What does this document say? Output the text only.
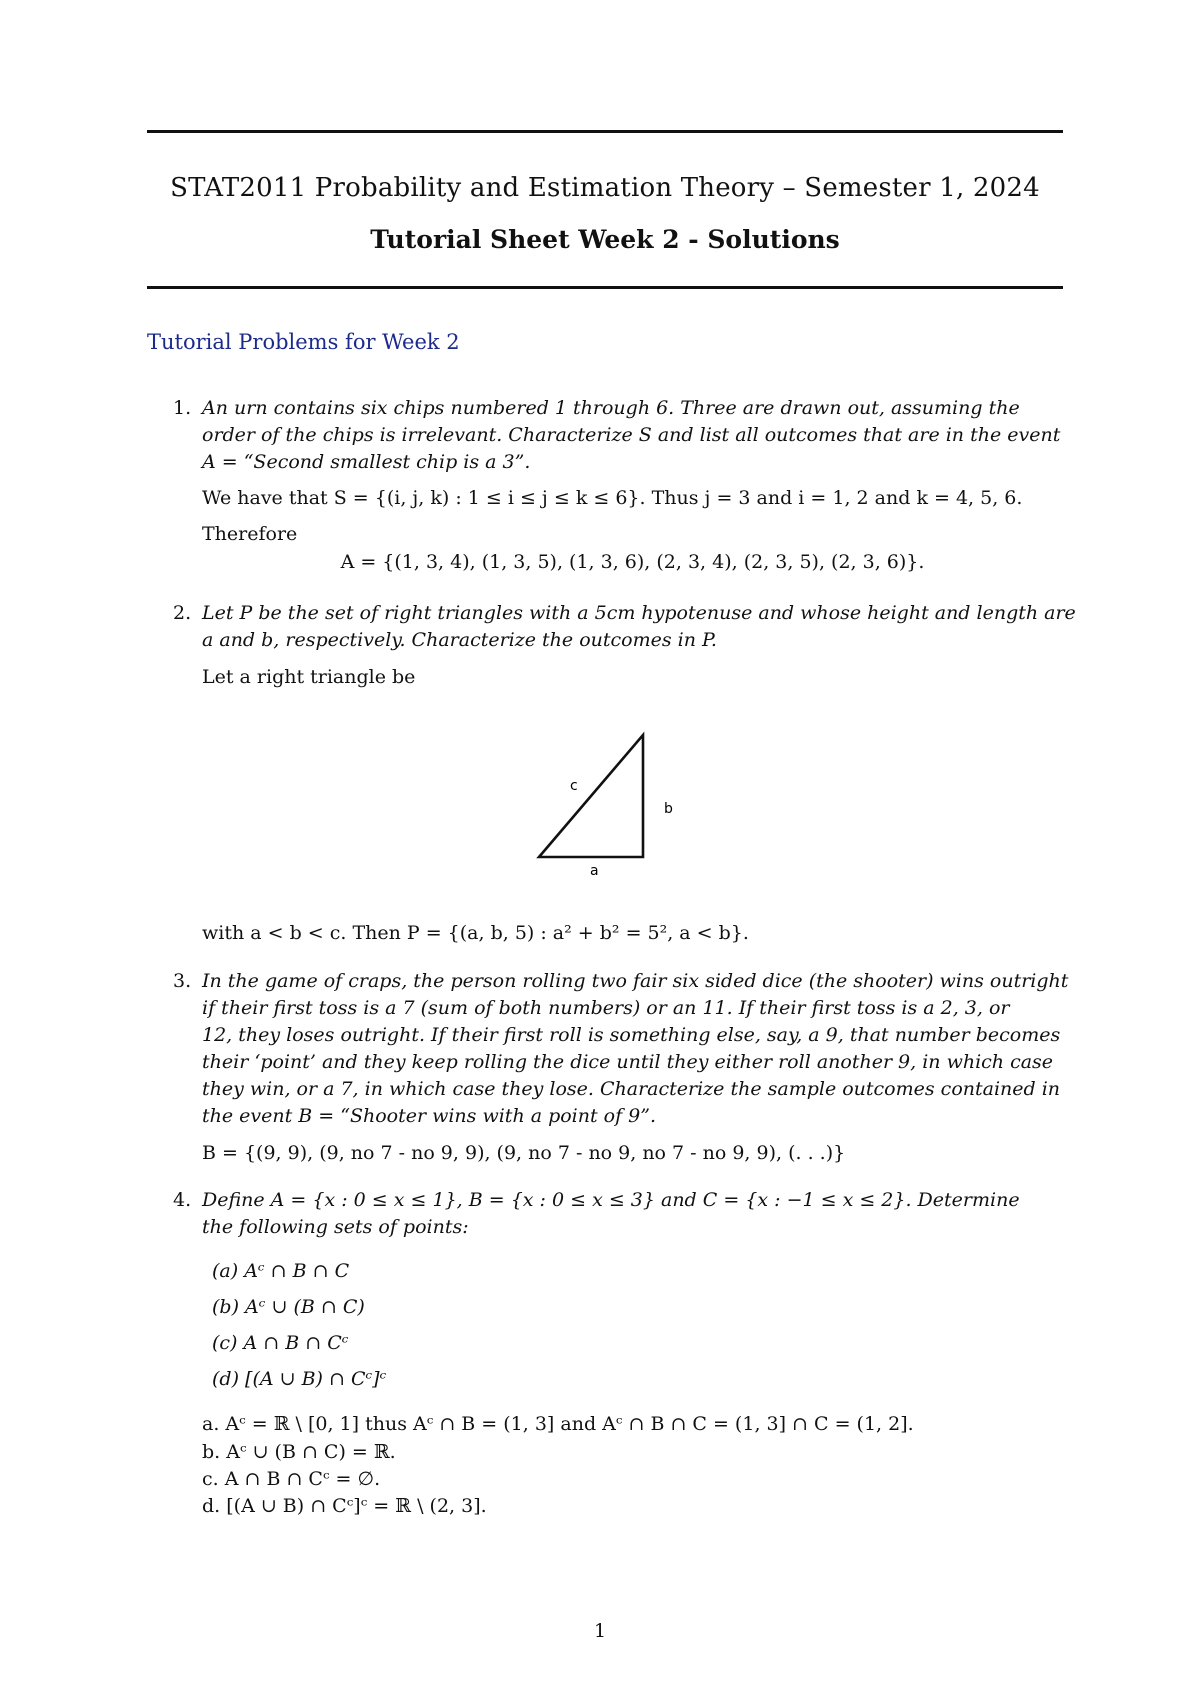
STAT2011 Probability and Estimation Theory – Semester 1, 2024
Tutorial Sheet Week 2 - Solutions
Tutorial Problems for Week 2
1. An urn contains six chips numbered 1 through 6. Three are drawn out, assuming the
order of the chips is irrelevant. Characterize S and list all outcomes that are in the event
A = “Second smallest chip is a 3”.
We have that S = {(i, j, k) : 1 ≤ i ≤ j ≤ k ≤ 6}. Thus j = 3 and i = 1, 2 and k = 4, 5, 6.
Therefore
A = {(1, 3, 4), (1, 3, 5), (1, 3, 6), (2, 3, 4), (2, 3, 5), (2, 3, 6)}.
2. Let P be the set of right triangles with a 5cm hypotenuse and whose height and length are
a and b, respectively. Characterize the outcomes in P.
Let a right triangle be
c
b
a
with a < b < c. Then P = {(a, b, 5) : a² + b² = 5², a < b}.
3. In the game of craps, the person rolling two fair six sided dice (the shooter) wins outright
if their first toss is a 7 (sum of both numbers) or an 11. If their first toss is a 2, 3, or
12, they loses outright. If their first roll is something else, say, a 9, that number becomes
their ‘point’ and they keep rolling the dice until they either roll another 9, in which case
they win, or a 7, in which case they lose. Characterize the sample outcomes contained in
the event B = “Shooter wins with a point of 9”.
B = {(9, 9), (9, no 7 - no 9, 9), (9, no 7 - no 9, no 7 - no 9, 9), (. . .)}
4. Define A = {x : 0 ≤ x ≤ 1}, B = {x : 0 ≤ x ≤ 3} and C = {x : −1 ≤ x ≤ 2}. Determine
the following sets of points:
(a) Aᶜ ∩ B ∩ C
(b) Aᶜ ∪ (B ∩ C)
(c) A ∩ B ∩ Cᶜ
(d) [(A ∪ B) ∩ Cᶜ]ᶜ
a. Aᶜ = ℝ \ [0, 1] thus Aᶜ ∩ B = (1, 3] and Aᶜ ∩ B ∩ C = (1, 3] ∩ C = (1, 2].
b. Aᶜ ∪ (B ∩ C) = ℝ.
c. A ∩ B ∩ Cᶜ = ∅.
d. [(A ∪ B) ∩ Cᶜ]ᶜ = ℝ \ (2, 3].
1
